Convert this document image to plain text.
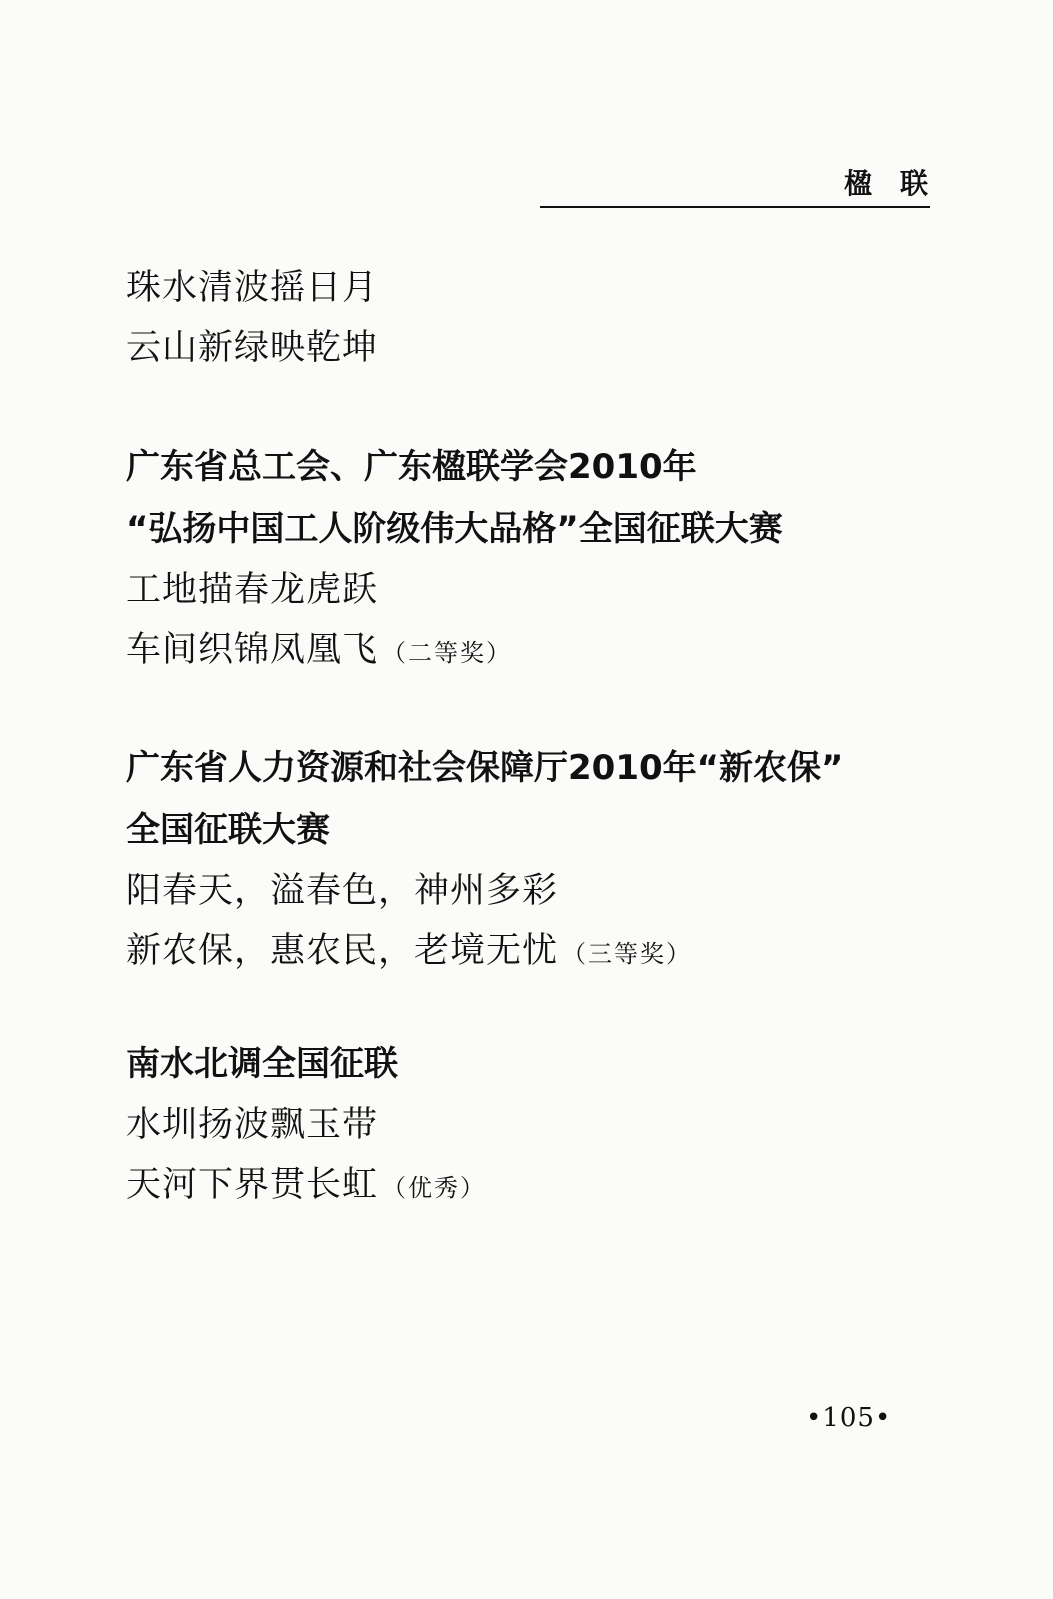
楹联
珠水清波摇日月
云山新绿映乾坤
广东省总工会、广东楹联学会2010年
“弘扬中国工人阶级伟大品格”全国征联大赛
工地描春龙虎跃
车间织锦凤凰飞 （二等奖）
广东省人力资源和社会保障厅2010年“新农保”
全国征联大赛
阳春天，溢春色，神州多彩
新农保，惠农民，老境无忧 （三等奖）
南水北调全国征联
水圳扬波飘玉带
天河下界贯长虹 （优秀）
•105•
